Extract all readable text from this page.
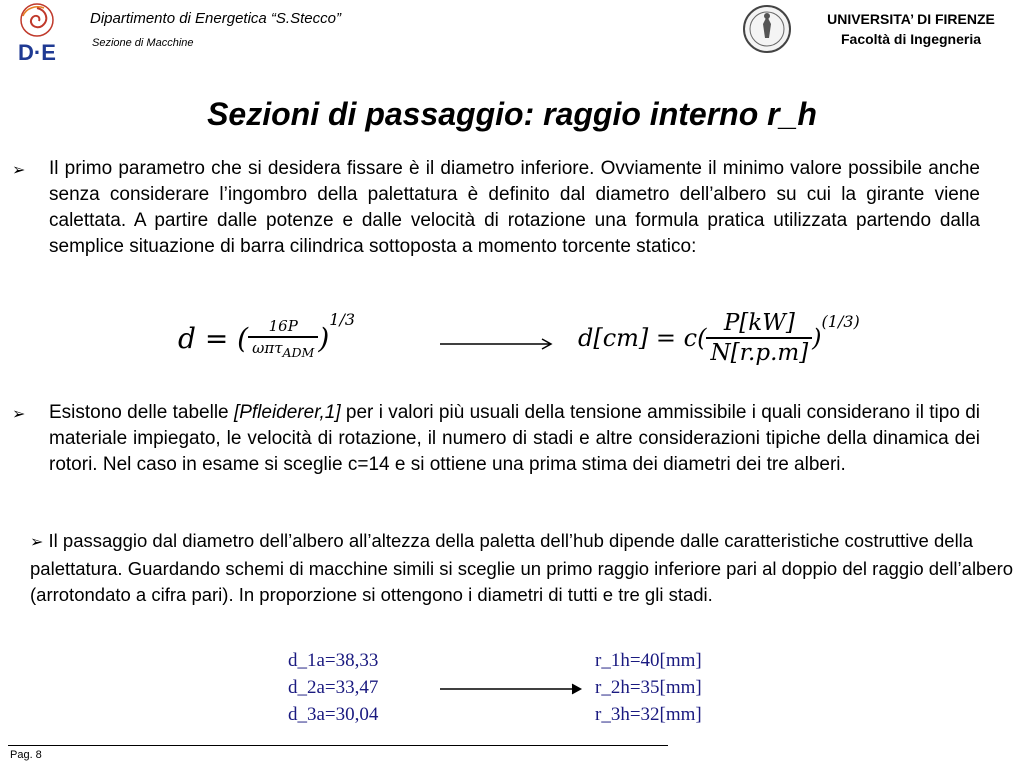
D·E
Dipartimento di Energetica “S.Stecco”
Sezione di Macchine
UNIVERSITA’ DI FIRENZE
Facoltà di Ingegneria
Sezioni di passaggio: raggio interno r_h
➢ Il primo parametro che si desidera fissare è il diametro inferiore. Ovviamente il minimo valore possibile anche senza considerare l’ingombro della palettatura è definito dal diametro dell’albero su cui la girante viene calettata. A partire dalle potenze e dalle velocità di rotazione una formula pratica utilizzata partendo dalla semplice situazione di barra cilindrica sottoposta a momento torcente statico:
d = ( $\frac{16P}{\omega\pi\tau_{ADM}}$ )
$^{1/3}$
$d[cm] = c( \frac{P[kW]}{N[r.p.m]}$ )
$^{(1/3)}$
➢ Esistono delle tabelle [Pfleiderer,1] per i valori più usuali della tensione ammissibile i quali considerano il tipo di materiale impiegato, le velocità di rotazione, il numero di stadi e altre considerazioni tipiche della dinamica dei rotori. Nel caso in esame si sceglie c=14 e si ottiene una prima stima dei diametri dei tre alberi.
➢ Il passaggio dal diametro dell’albero all’altezza della paletta dell’hub dipende dalle caratteristiche costruttive della palettatura. Guardando schemi di macchine simili si sceglie un primo raggio inferiore pari al doppio del raggio dell’albero (arrotondato a cifra pari). In proporzione si ottengono i diametri di tutti e tre gli stadi.
d_1a=38,33
d_2a=33,47
d_3a=30,04
r_1h=40[mm]
r_2h=35[mm]
r_3h=32[mm]
Pag. 8
